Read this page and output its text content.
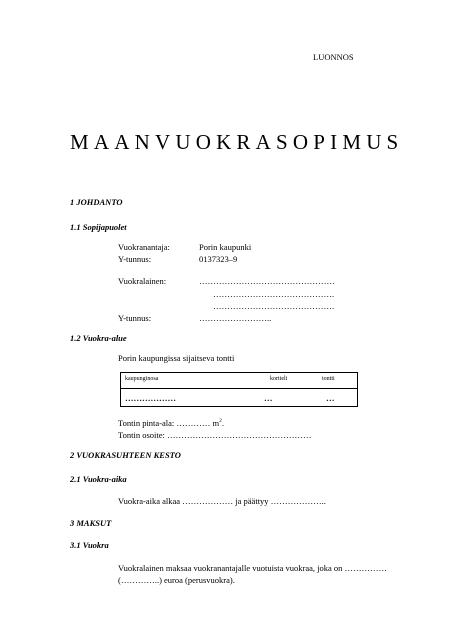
LUONNOS
MAANVUOKRASOPIMUS
1 JOHDANTO
1.1 Sopijapuolet
Vuokranantaja:	Porin kaupunki
Y-tunnus:	0137323–9
Vuokralainen:	…………………………………………
…………………………………….
…………………………………….
Y-tunnus:	……………………..
1.2 Vuokra-alue
Porin kaupungissa sijaitseva tontti
kaupunginosa	kortteli	tontti
………………	…	…
Tontin pinta-ala: ………… $m^2$.
Tontin osoite: ……………………………………………
2 VUOKRASUHTEEN KESTO
2.1 Vuokra-aika
Vuokra-aika alkaa ……………… ja päättyy ………………..
3 MAKSUT
3.1 Vuokra
Vuokralainen maksaa vuokranantajalle vuotuista vuokraa, joka on ……………
(…………..) euroa (perusvuokra).
